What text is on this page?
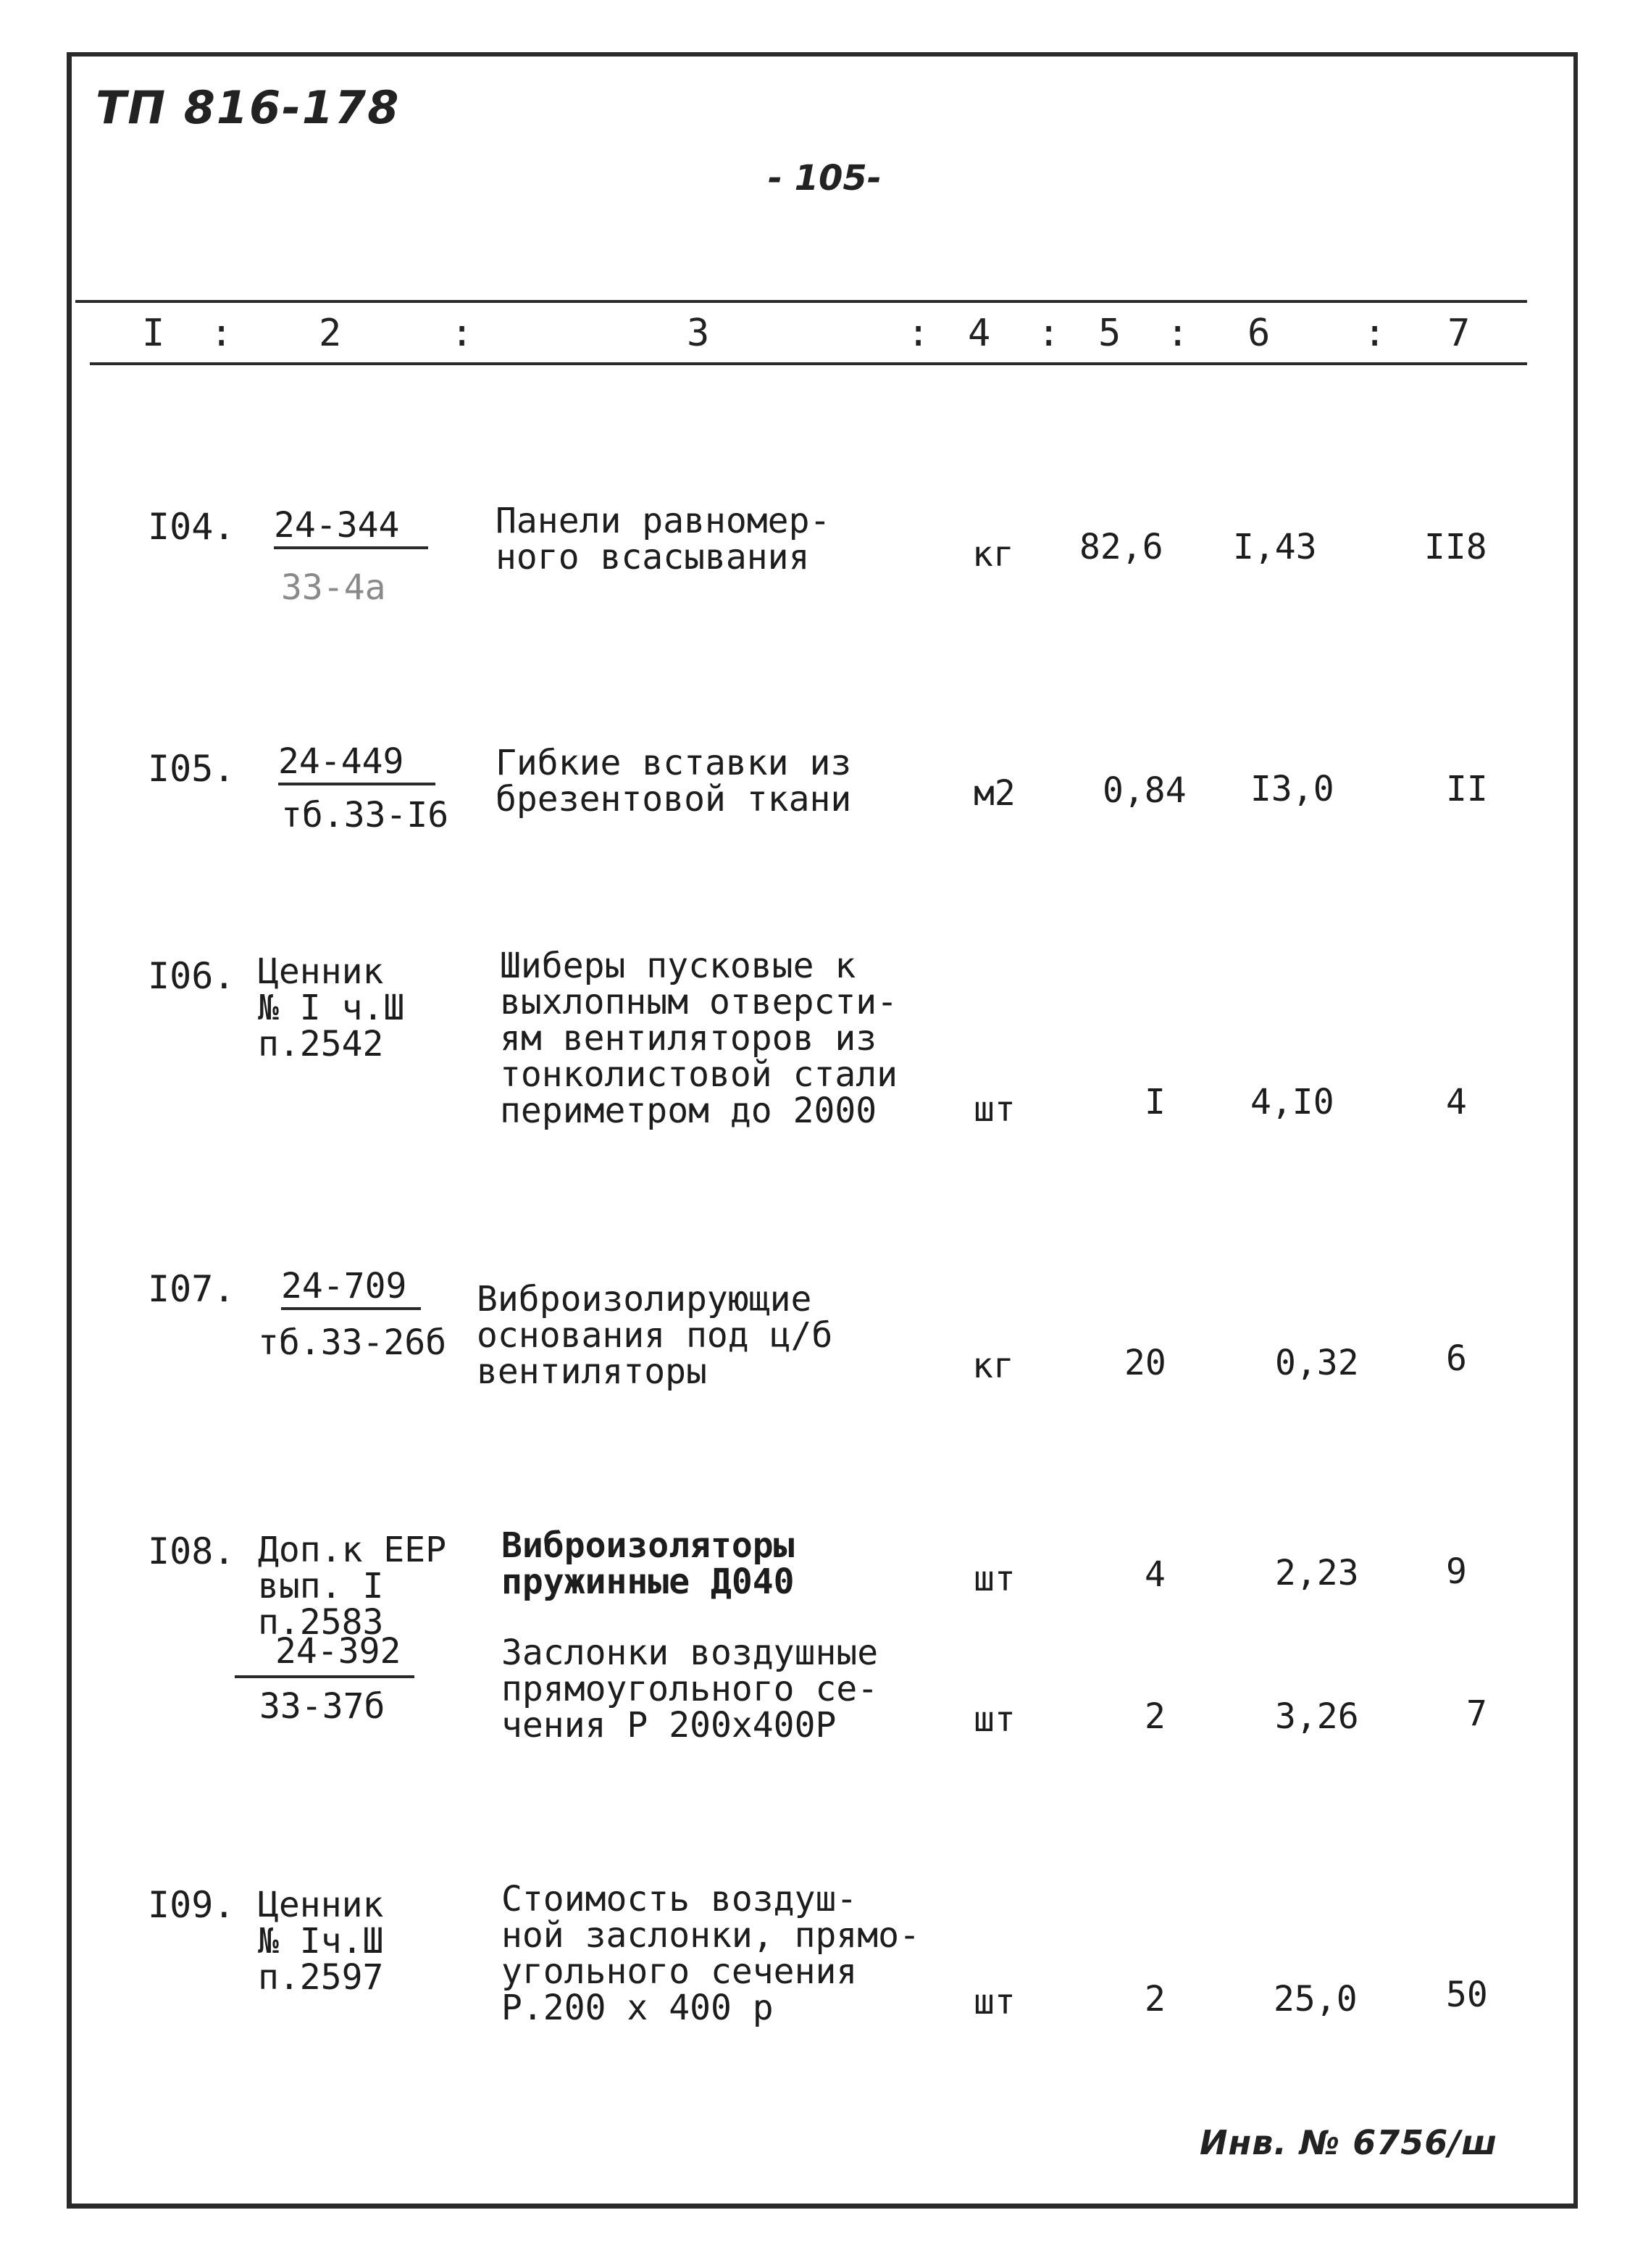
ТП 816-178
- 105-
I : 2	:	3	: 4 : 5 : 6 : 7
I04. 24-344
33-4а
Панели равномер-
ного всасывания	кг 82,6 I,43	II8
I05. 24-449
тб.33-I6
Гибкие вставки из
брезентовой ткани	м2	0,84 I3,0	II
I06. Ценник
№ I ч.Ш
п.2542
Шиберы пусковые к
выхлопным отверсти-
ям вентиляторов из
тонколистовой стали
периметром до 2000	шт	I 4,I0	4
I07. 24-709
тб.33-26б
Виброизолирующие
основания под ц/б
вентиляторы	кг	20	0,32	6
I08. Доп.к ЕЕР
вып. I
п.2583
24-392
33-37б
Виброизоляторы
пружинные Д040	шт	4	2,23	9
Заслонки воздушные
прямоугольного се-
чения Р 200х400Р	шт	2	3,26	7
I09. Ценник
№ Iч.Ш
п.2597
Стоимость воздуш-
ной заслонки, прямо-
угольного сечения
Р.200 х 400 р	шт	2	25,0	50
Инв. № 6756/ш
